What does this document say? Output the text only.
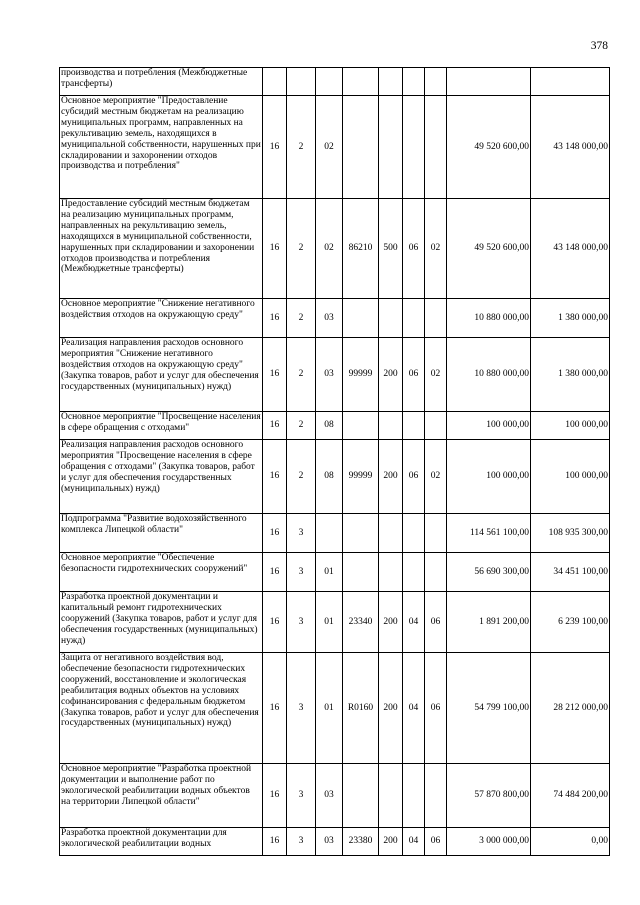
378
производства и потребления (Межбюджетные трансферты)									
Основное мероприятие "Предоставление субсидий местным бюджетам на реализацию муниципальных программ, направленных на рекультивацию земель, находящихся в муниципальной собственности, нарушенных при складировании и захоронении отходов производства и потребления"	16	2	02					49 520 600,00	43 148 000,00
Предоставление субсидий местным бюджетам на реализацию муниципальных программ, направленных на рекультивацию земель, находящихся в муниципальной собственности, нарушенных при складировании и захоронении отходов производства и потребления (Межбюджетные трансферты)	16	2	02	86210	500	06	02	49 520 600,00	43 148 000,00
Основное мероприятие "Снижение негативного воздействия отходов на окружающую среду"	16	2	03					10 880 000,00	1 380 000,00
Реализация направления расходов основного мероприятия "Снижение негативного воздействия отходов на окружающую среду" (Закупка товаров, работ и услуг для обеспечения государственных (муниципальных) нужд)	16	2	03	99999	200	06	02	10 880 000,00	1 380 000,00
Основное мероприятие "Просвещение населения в сфере обращения с отходами"	16	2	08					100 000,00	100 000,00
Реализация направления расходов основного мероприятия "Просвещение населения в сфере обращения с отходами" (Закупка товаров, работ и услуг для обеспечения государственных (муниципальных) нужд)	16	2	08	99999	200	06	02	100 000,00	100 000,00
Подпрограмма "Развитие водохозяйственного комплекса Липецкой области"	16	3						114 561 100,00	108 935 300,00
Основное мероприятие "Обеспечение безопасности гидротехнических сооружений"	16	3	01					56 690 300,00	34 451 100,00
Разработка проектной документации и капитальный ремонт гидротехнических сооружений (Закупка товаров, работ и услуг для обеспечения государственных (муниципальных) нужд)	16	3	01	23340	200	04	06	1 891 200,00	6 239 100,00
Защита от негативного воздействия вод, обеспечение безопасности гидротехнических сооружений, восстановление и экологическая реабилитация водных объектов на условиях софинансирования с федеральным бюджетом (Закупка товаров, работ и услуг для обеспечения государственных (муниципальных) нужд)	16	3	01	R0160	200	04	06	54 799 100,00	28 212 000,00
Основное мероприятие "Разработка проектной документации и выполнение работ по экологической реабилитации водных объектов на территории Липецкой области"	16	3	03					57 870 800,00	74 484 200,00
Разработка проектной документации для экологической реабилитации водных	16	3	03	23380	200	04	06	3 000 000,00	0,00
